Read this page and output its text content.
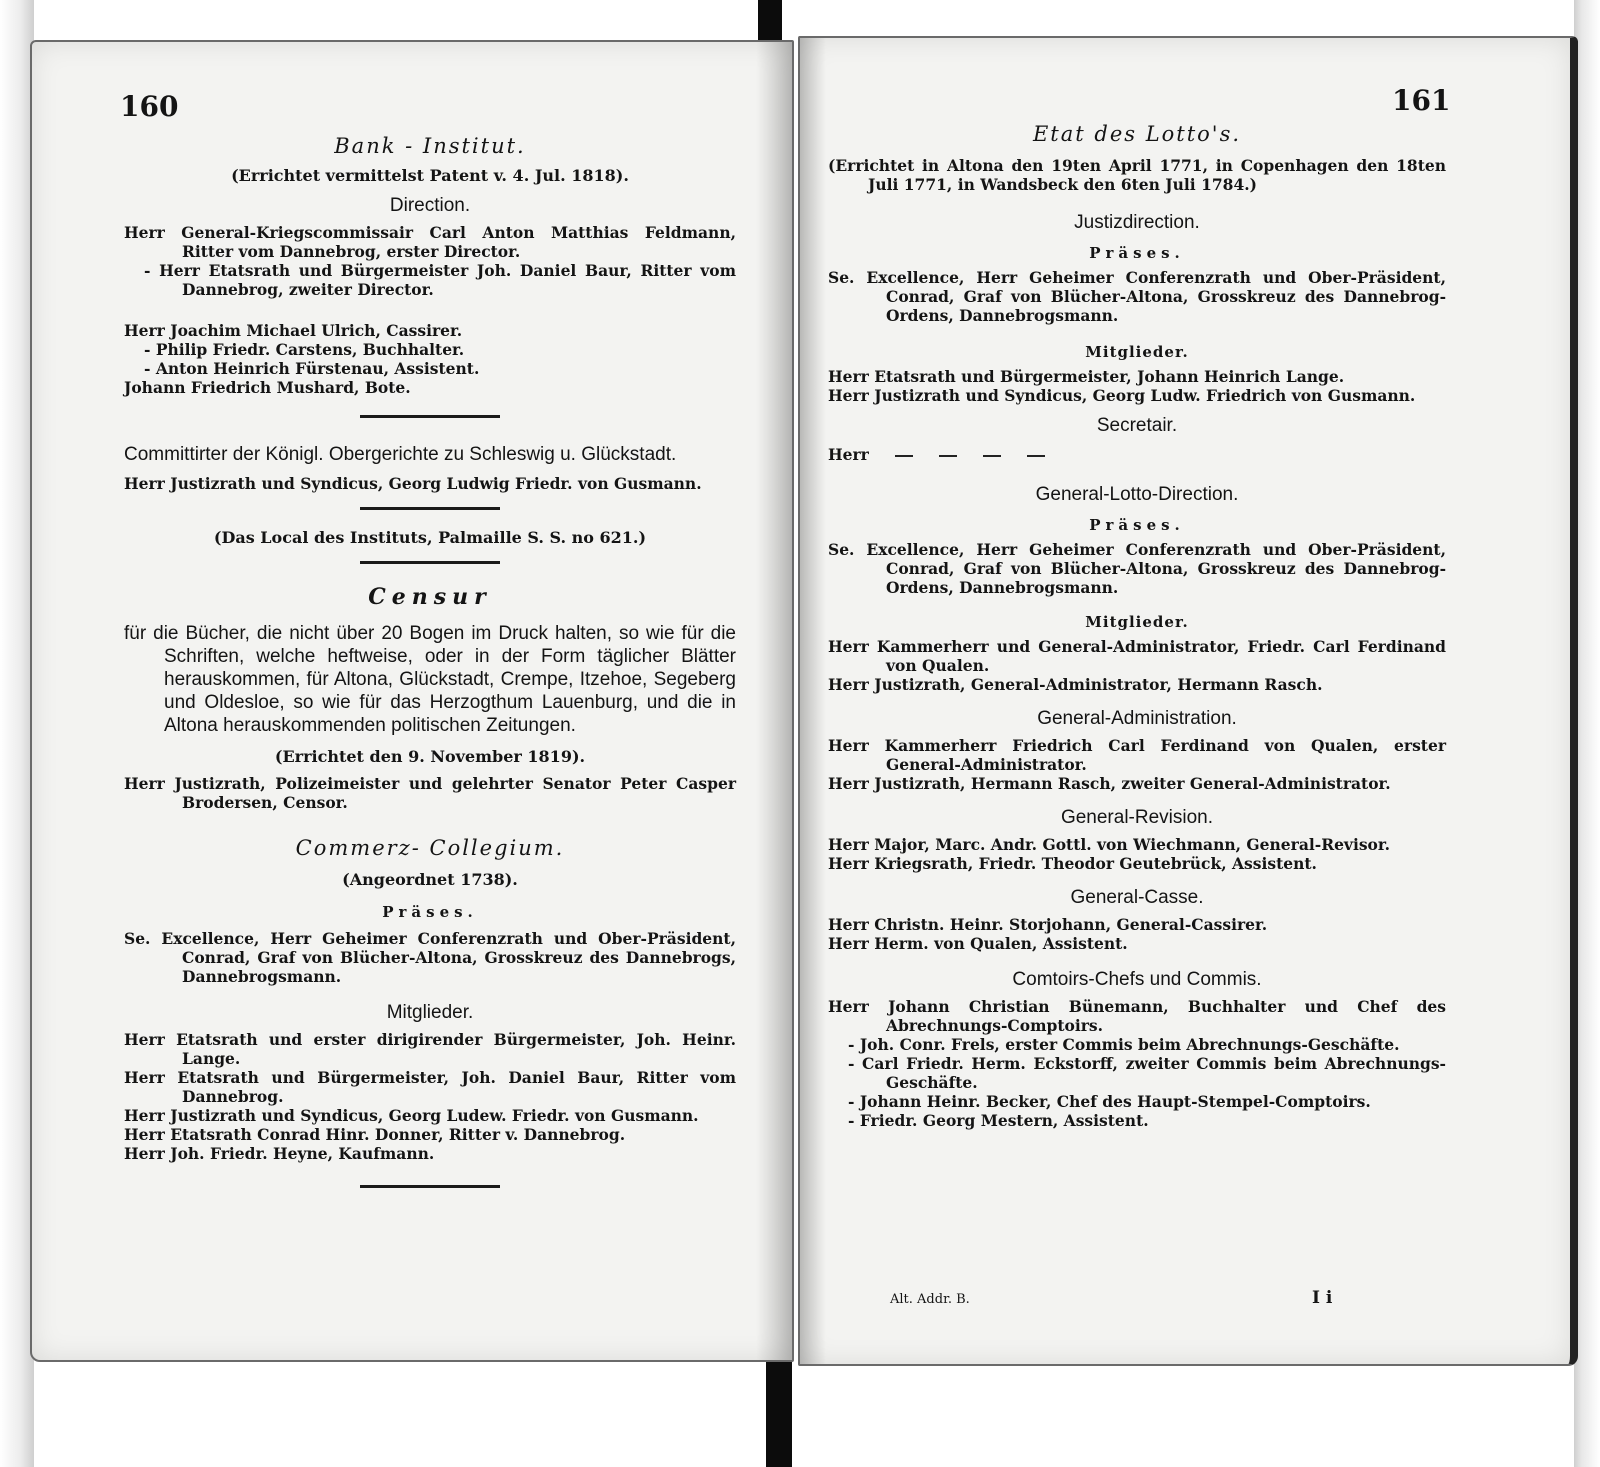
160

Bank - Institut.

(Errichtet vermittelst Patent v. 4. Jul. 1818).

Direction.

Herr General-Kriegscommissair Carl Anton Matthias Feldmann, Ritter vom Dannebrog, erster Director.

- Herr Etatsrath und Bürgermeister Joh. Daniel Baur, Ritter vom Dannebrog, zweiter Director.

Herr Joachim Michael Ulrich, Cassirer.

- Philip Friedr. Carstens, Buchhalter.

- Anton Heinrich Fürstenau, Assistent.

Johann Friedrich Mushard, Bote.

Committirter der Königl. Obergerichte zu Schleswig u. Glückstadt.

Herr Justizrath und Syndicus, Georg Ludwig Friedr. von Gusmann.

(Das Local des Instituts, Palmaille S. S. no 621.)

Censur

für die Bücher, die nicht über 20 Bogen im Druck halten, so wie für die Schriften, welche heftweise, oder in der Form täglicher Blätter herauskommen, für Altona, Glückstadt, Crempe, Itzehoe, Segeberg und Oldesloe, so wie für das Herzogthum Lauenburg, und die in Altona herauskommenden politischen Zeitungen.

(Errichtet den 9. November 1819).

Herr Justizrath, Polizeimeister und gelehrter Senator Peter Casper Brodersen, Censor.

Commerz- Collegium.

(Angeordnet 1738).

Präses.

Se. Excellence, Herr Geheimer Conferenzrath und Ober-Präsident, Conrad, Graf von Blücher-Altona, Grosskreuz des Dannebrogs, Dannebrogsmann.

Mitglieder.

Herr Etatsrath und erster dirigirender Bürgermeister, Joh. Heinr. Lange.

Herr Etatsrath und Bürgermeister, Joh. Daniel Baur, Ritter vom Dannebrog.

Herr Justizrath und Syndicus, Georg Ludew. Friedr. von Gusmann.

Herr Etatsrath Conrad Hinr. Donner, Ritter v. Dannebrog.

Herr Joh. Friedr. Heyne, Kaufmann.

161

Etat des Lotto's.

(Errichtet in Altona den 19ten April 1771, in Copenhagen den 18ten Juli 1771, in Wandsbeck den 6ten Juli 1784.)

Justizdirection.

Präses.

Se. Excellence, Herr Geheimer Conferenzrath und Ober-Präsident, Conrad, Graf von Blücher-Altona, Grosskreuz des Dannebrog-Ordens, Dannebrogsmann.

Mitglieder.

Herr Etatsrath und Bürgermeister, Johann Heinrich Lange.

Herr Justizrath und Syndicus, Georg Ludw. Friedrich von Gusmann.

Secretair.

Herr

General-Lotto-Direction.

Präses.

Se. Excellence, Herr Geheimer Conferenzrath und Ober-Präsident, Conrad, Graf von Blücher-Altona, Grosskreuz des Dannebrog-Ordens, Dannebrogsmann.

Mitglieder.

Herr Kammerherr und General-Administrator, Friedr. Carl Ferdinand von Qualen.

Herr Justizrath, General-Administrator, Hermann Rasch.

General-Administration.

Herr Kammerherr Friedrich Carl Ferdinand von Qualen, erster General-Administrator.

Herr Justizrath, Hermann Rasch, zweiter General-Administrator.

General-Revision.

Herr Major, Marc. Andr. Gottl. von Wiechmann, General-Revisor.

Herr Kriegsrath, Friedr. Theodor Geutebrück, Assistent.

General-Casse.

Herr Christn. Heinr. Storjohann, General-Cassirer.

Herr Herm. von Qualen, Assistent.

Comtoirs-Chefs und Commis.

Herr Johann Christian Bünemann, Buchhalter und Chef des Abrechnungs-Comptoirs.

- Joh. Conr. Frels, erster Commis beim Abrechnungs-Geschäfte.

- Carl Friedr. Herm. Eckstorff, zweiter Commis beim Abrechnungs-Geschäfte.

- Johann Heinr. Becker, Chef des Haupt-Stempel-Comptoirs.

- Friedr. Georg Mestern, Assistent.

Alt. Addr. B.	I i
